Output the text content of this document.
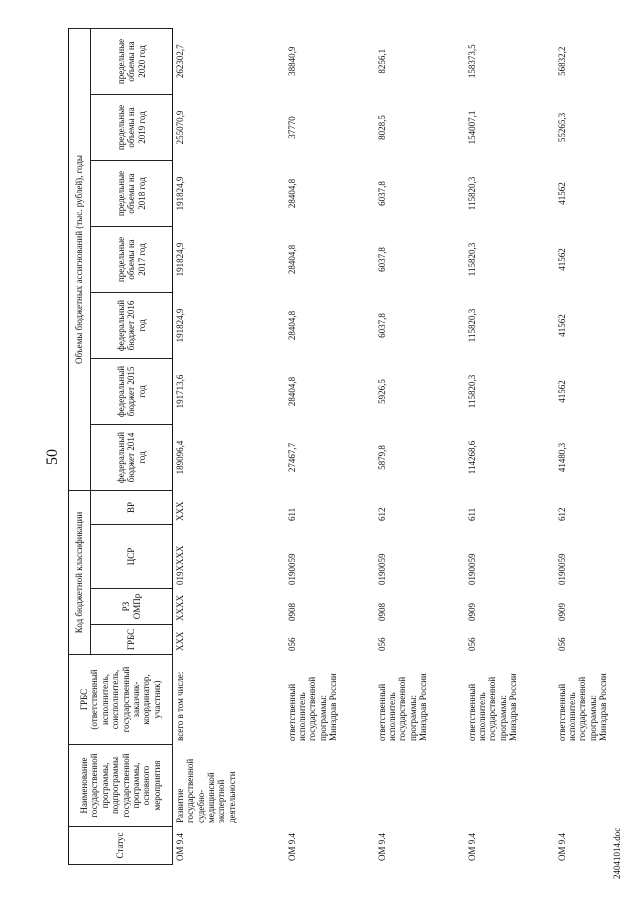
50
Статус	Наименование государственной программы, подпрограммы государственной программы, основного мероприятия	ГРБС (ответственный исполнитель, соисполнитель, государственный заказчик-координатор, участник)	Код бюджетной классификации				Объемы бюджетных ассигнований (тыс. рублей), годы						
			ГРБС	РЗ ОМПр	ЦСР	ВР	федеральный бюджет 2014 год	федеральный бюджет 2015 год	федеральный бюджет 2016 год	предельные объемы на 2017 год	предельные объемы на 2018 год	предельные объемы на 2019 год	предельные объемы на 2020 год
ОМ 9.4	Развитие государственной судебно-медицинской экспертной деятельности	всего в том числе:	XXX	XXXX	019XXXX	XXX	189096,4	191713,6	191824,9	191824,9	191824,9	255070,9	262302,7
ОМ 9.4		ответственный исполнитель государственной программы: Минздрав России	056	0908	0190059	611	27467,7	28404,8	28404,8	28404,8	28404,8	37770	38840,9
ОМ 9.4		ответственный исполнитель государственной программы: Минздрав России	056	0908	0190059	612	5879,8	5926,5	6037,8	6037,8	6037,8	8028,5	8256,1
ОМ 9.4		ответственный исполнитель государственной программы: Минздрав России	056	0909	0190059	611	114268,6	115820,3	115820,3	115820,3	115820,3	154007,1	158373,5
ОМ 9.4		ответственный исполнитель государственной программы: Минздрав России	056	0909	0190059	612	41480,3	41562	41562	41562	41562	55265,3	56832,2
24041014.doc
